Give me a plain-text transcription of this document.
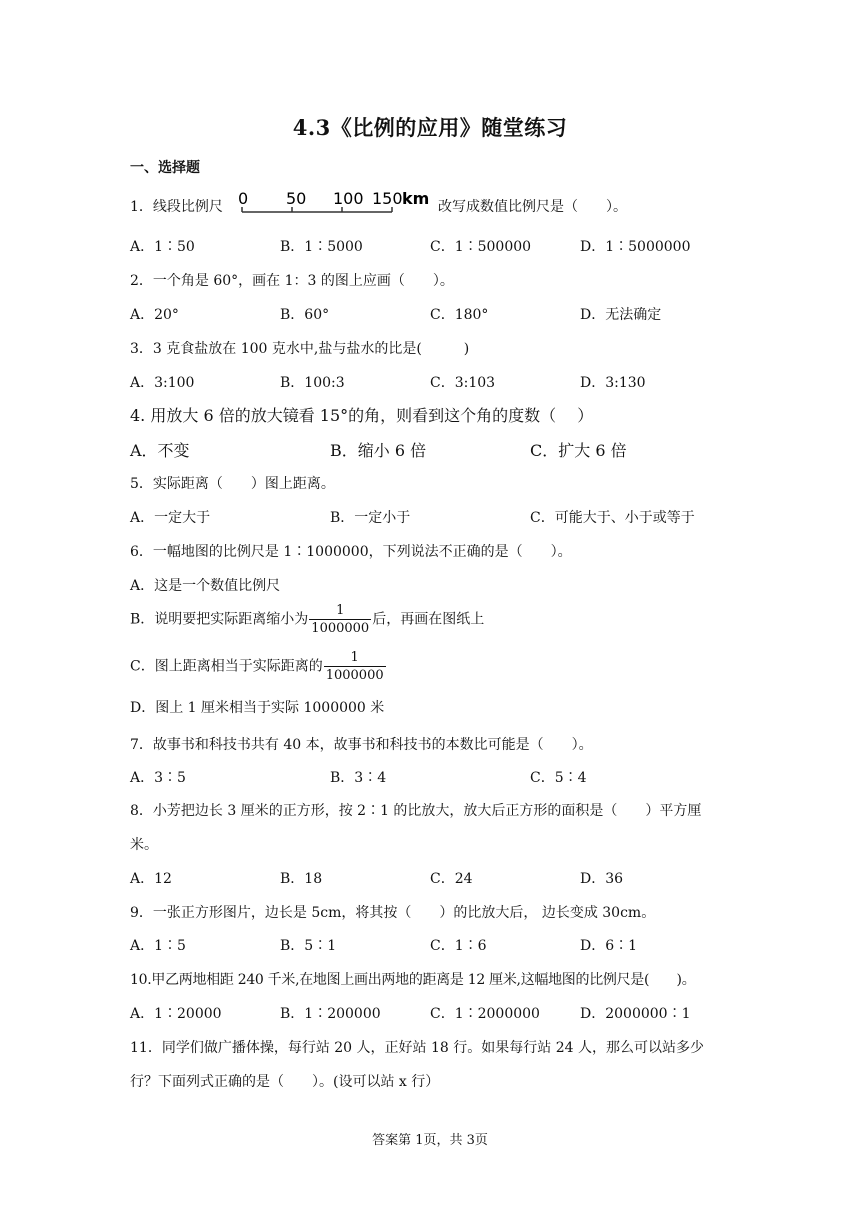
4.3《比例的应用》随堂练习
一、选择题
1．线段比例尺 0 50 100 150 km 改写成数值比例尺是（　　）。
A．1∶50	B．1∶5000	C．1∶500000	D．1∶5000000
2．一个角是 60°，画在 1：3 的图上应画（　　）。
A．20°	B．60°	C．180°	D．无法确定
3．3 克食盐放在 100 克水中,盐与盐水的比是(　　　)
A．3:100	B．100:3	C．3:103	D．3:130
4. 用放大 6 倍的放大镜看 15°的角，则看到这个角的度数（　 ）
A．不变	B．缩小 6 倍	C．扩大 6 倍
5．实际距离（　　）图上距离。
A．一定大于	B．一定小于	C．可能大于、小于或等于
6．一幅地图的比例尺是 1∶1000000，下列说法不正确的是（　　）。
A．这是一个数值比例尺
B．说明要把实际距离缩小为 $\frac{1}{1000000}$ 后，再画在图纸上
C．图上距离相当于实际距离的 $\frac{1}{1000000}$
D．图上 1 厘米相当于实际 1000000 米
7．故事书和科技书共有 40 本，故事书和科技书的本数比可能是（　　）。
A．3∶5	B．3∶4	C．5∶4
8．小芳把边长 3 厘米的正方形，按 2∶1 的比放大，放大后正方形的面积是（　　）平方厘
米。
A．12	B．18	C．24	D．36
9．一张正方形图片，边长是 5cm，将其按（　　）的比放大后， 边长变成 30cm。
A．1∶5	B．5∶1	C．1∶6	D．6∶1
10.甲乙两地相距 240 千米,在地图上画出两地的距离是 12 厘米,这幅地图的比例尺是(　　)。
A．1∶20000	B．1∶200000	C．1∶2000000	D．2000000∶1
11．同学们做广播体操，每行站 20 人，正好站 18 行。如果每行站 24 人，那么可以站多少
行？下面列式正确的是（　　）。(设可以站 x 行）
答案第 1页，共 3页
